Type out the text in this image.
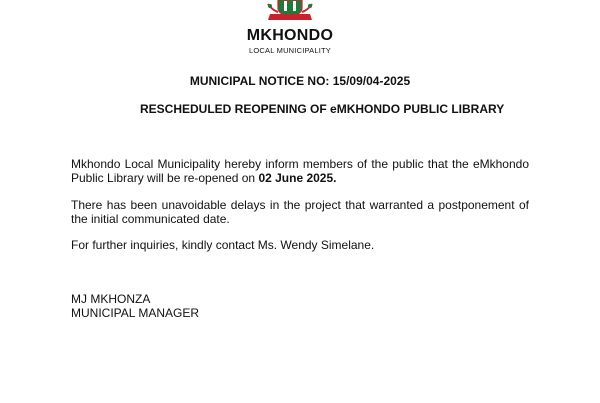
MKHONDO
LOCAL MUNICIPALITY
MUNICIPAL NOTICE NO: 15/09/04-2025
RESCHEDULED REOPENING OF eMKHONDO PUBLIC LIBRARY
Mkhondo Local Municipality hereby inform members of the public that the eMkhondo Public Library will be re-opened on 02 June 2025.
There has been unavoidable delays in the project that warranted a postponement of the initial communicated date.
For further inquiries, kindly contact Ms. Wendy Simelane.
MJ MKHONZA
MUNICIPAL MANAGER
